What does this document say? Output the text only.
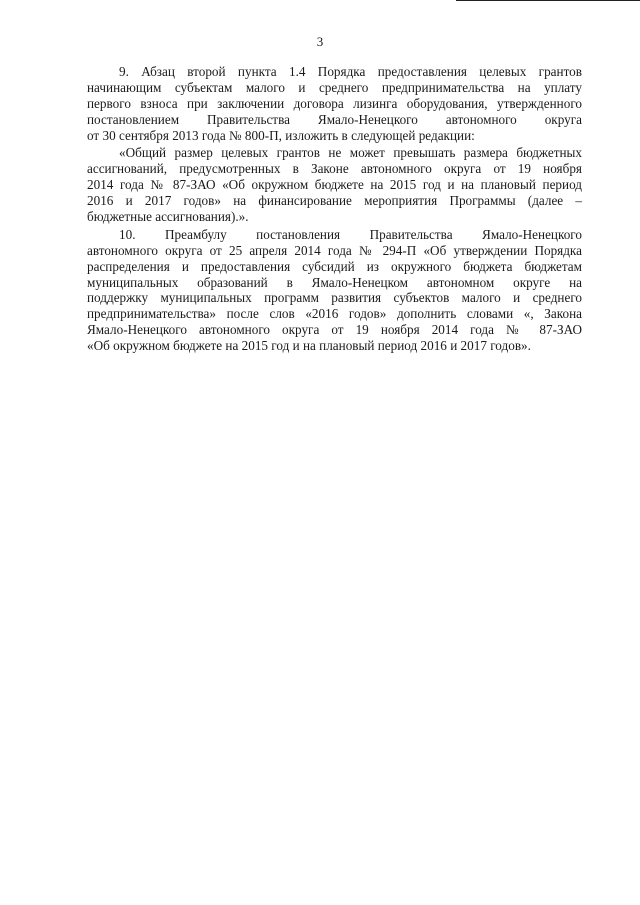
3
9. Абзац второй пункта 1.4 Порядка предоставления целевых грантов
начинающим субъектам малого и среднего предпринимательства на уплату
первого взноса при заключении договора лизинга оборудования, утвержденного
постановлением Правительства Ямало-Ненецкого автономного округа
от 30 сентября 2013 года № 800-П, изложить в следующей редакции:
«Общий размер целевых грантов не может превышать размера бюджетных
ассигнований, предусмотренных в Законе автономного округа от 19 ноября
2014 года № 87-ЗАО «Об окружном бюджете на 2015 год и на плановый период
2016 и 2017 годов» на финансирование мероприятия Программы (далее –
бюджетные ассигнования).».
10. Преамбулу постановления Правительства Ямало-Ненецкого
автономного округа от 25 апреля 2014 года № 294-П «Об утверждении Порядка
распределения и предоставления субсидий из окружного бюджета бюджетам
муниципальных образований в Ямало-Ненецком автономном округе на
поддержку муниципальных программ развития субъектов малого и среднего
предпринимательства» после слов «2016 годов» дополнить словами «, Закона
Ямало-Ненецкого автономного округа от 19 ноября 2014 года № 87-ЗАО
«Об окружном бюджете на 2015 год и на плановый период 2016 и 2017 годов».
